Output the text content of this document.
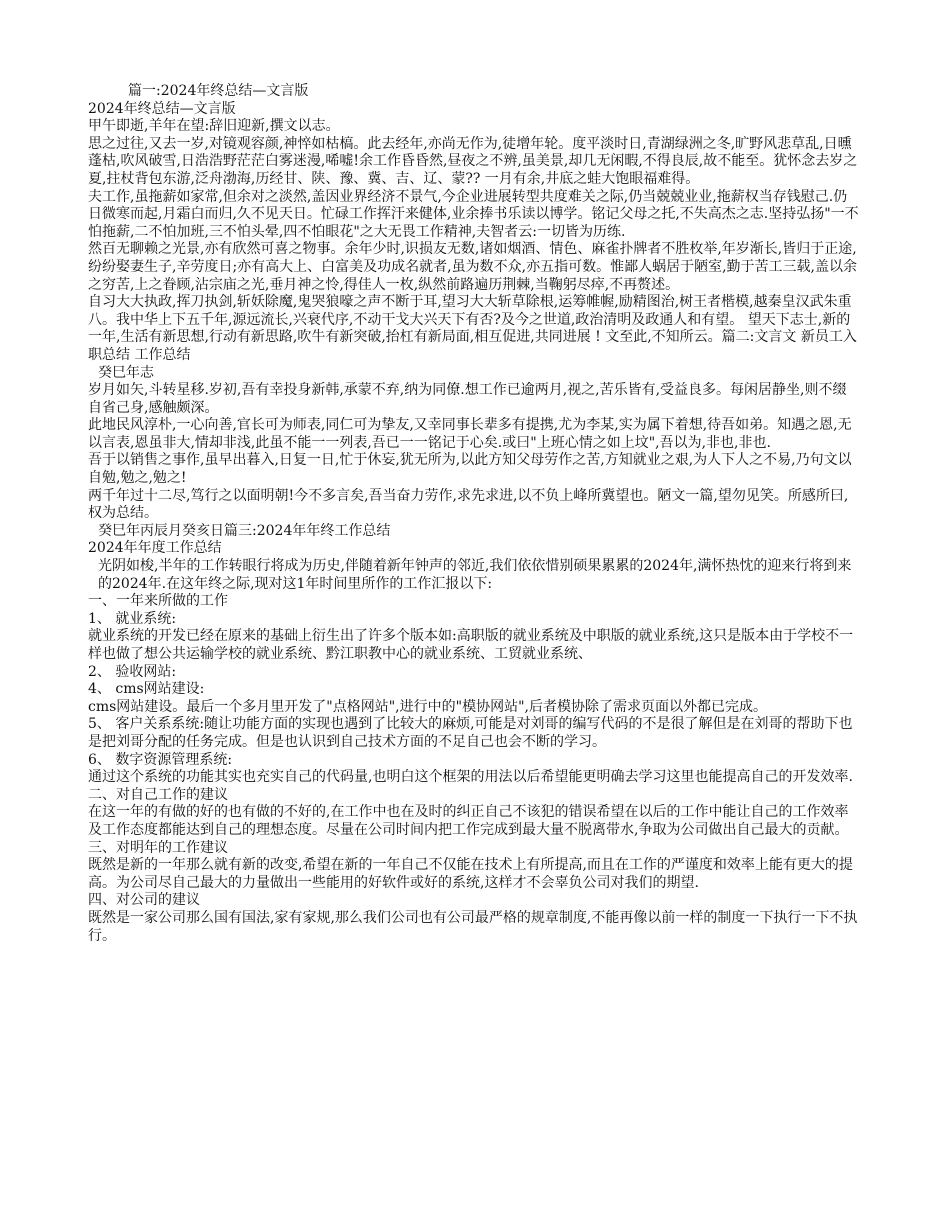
篇一:2024年终总结—文言版

2024年终总结—文言版

甲午即逝,羊年在望:辞旧迎新,撰文以志。

思之过往,又去一岁,对镜观容颜,神悴如枯槁。此去经年,亦尚无作为,徒增年轮。度平淡时日,青湖绿洲之冬,旷野风悲草乱,日曛蓬枯,吹风破雪,日浩浩野茫茫白雾迷漫,唏嘘!余工作昏昏然,昼夜之不辨,虽美景,却几无闲暇,不得良辰,故不能至。犹怀念去岁之夏,拄杖背包东游,泛舟渤海,历经甘、陕、豫、冀、吉、辽、蒙?? 一月有余,井底之蛙大饱眼福难得。

夫工作,虽拖薪如家常,但余对之淡然,盖因业界经济不景气,今企业进展转型共度难关之际,仍当兢兢业业,拖薪权当存钱慰己.仍日微寒而起,月霜白而归,久不见天日。忙碌工作挥汗来健体,业余捧书乐读以博学。铭记父母之托,不失高杰之志.坚持弘扬"一不怕拖薪,二不怕加班,三不怕头晕,四不怕眼花"之大无畏工作精神,夫智者云:一切皆为历练.

然百无聊赖之光景,亦有欣然可喜之物事。余年少时,识损友无数,诸如烟酒、情色、麻雀扑牌者不胜枚举,年岁渐长,皆归于正途,纷纷娶妻生子,辛劳度日;亦有高大上、白富美及功成名就者,虽为数不众,亦五指可数。惟鄙人蜗居于陋室,勤于苦工三载,盖以余之穷苦,上之眷顾,沾宗庙之光,垂月神之怜,得佳人一枚,纵然前路遍历荆棘,当鞠躬尽瘁,不再赘述。

自习大大执政,挥刀执剑,斩妖除魔,鬼哭狼嚎之声不断于耳,望习大大斩草除根,运筹帷幄,励精图治,树王者楷模,越秦皇汉武朱重八。我中华上下五千年,源远流长,兴衰代序,不动干戈大兴天下有否?及今之世道,政治清明及政通人和有望。 望天下志士,新的一年,生活有新思想,行动有新思路,吹牛有新突破,抬杠有新局面,相互促进,共同进展 ! 文至此,不知所云。篇二:文言文 新员工入职总结 工作总结

癸巳年志

岁月如矢,斗转星移.岁初,吾有幸投身新韩,承蒙不弃,纳为同僚.想工作已逾两月,视之,苦乐皆有,受益良多。每闲居静坐,则不缀自省己身,感触颇深。

此地民风淳朴,一心向善,官长可为师表,同仁可为挚友,又幸同事长辈多有提携,尤为李某,实为属下着想,待吾如弟。知遇之恩,无以言表,恩虽非大,情却非浅,此虽不能一一列表,吾已一一铭记于心矣.或曰"上班心情之如上坟",吾以为,非也,非也.

吾于以销售之事作,虽早出暮入,日复一日,忙于休妄,犹无所为,以此方知父母劳作之苦,方知就业之艰,为人下人之不易,乃句文以自勉,勉之,勉之!

两千年过十二尽,笃行之以面明朝!今不多言矣,吾当奋力劳作,求先求进,以不负上峰所冀望也。陋文一篇,望勿见笑。所感所曰,权为总结。

癸巳年丙辰月癸亥日篇三:2024年年终工作总结

2024年年度工作总结

光阴如梭,半年的工作转眼行将成为历史,伴随着新年钟声的邻近,我们依依惜别硕果累累的2024年,满怀热忱的迎来行将到来的2024年.在这年终之际,现对这1年时间里所作的工作汇报以下:

一、一年来所做的工作

1、 就业系统:

就业系统的开发已经在原来的基础上衍生出了许多个版本如:高职版的就业系统及中职版的就业系统,这只是版本由于学校不一样也做了想公共运输学校的就业系统、黔江职教中心的就业系统、工贸就业系统、

2、 验收网站:

4、 cms网站建设:

cms网站建设。最后一个多月里开发了"点格网站",进行中的"模协网站",后者模协除了需求页面以外都已完成。

5、 客户关系系统:随让功能方面的实现也遇到了比较大的麻烦,可能是对刘哥的编写代码的不是很了解但是在刘哥的帮助下也是把刘哥分配的任务完成。但是也认识到自己技术方面的不足自己也会不断的学习。

6、 数字资源管理系统:

通过这个系统的功能其实也充实自己的代码量,也明白这个框架的用法以后希望能更明确去学习这里也能提高自己的开发效率.

二、对自己工作的建议

在这一年的有做的好的也有做的不好的,在工作中也在及时的纠正自己不该犯的错误希望在以后的工作中能让自己的工作效率及工作态度都能达到自己的理想态度。尽量在公司时间内把工作完成到最大量不脱离带水,争取为公司做出自己最大的贡献。

三、对明年的工作建议

既然是新的一年那么就有新的改变,希望在新的一年自己不仅能在技术上有所提高,而且在工作的严谨度和效率上能有更大的提高。为公司尽自己最大的力量做出一些能用的好软件或好的系统,这样才不会辜负公司对我们的期望.

四、对公司的建议

既然是一家公司那么国有国法,家有家规,那么我们公司也有公司最严格的规章制度,不能再像以前一样的制度一下执行一下不执行。
